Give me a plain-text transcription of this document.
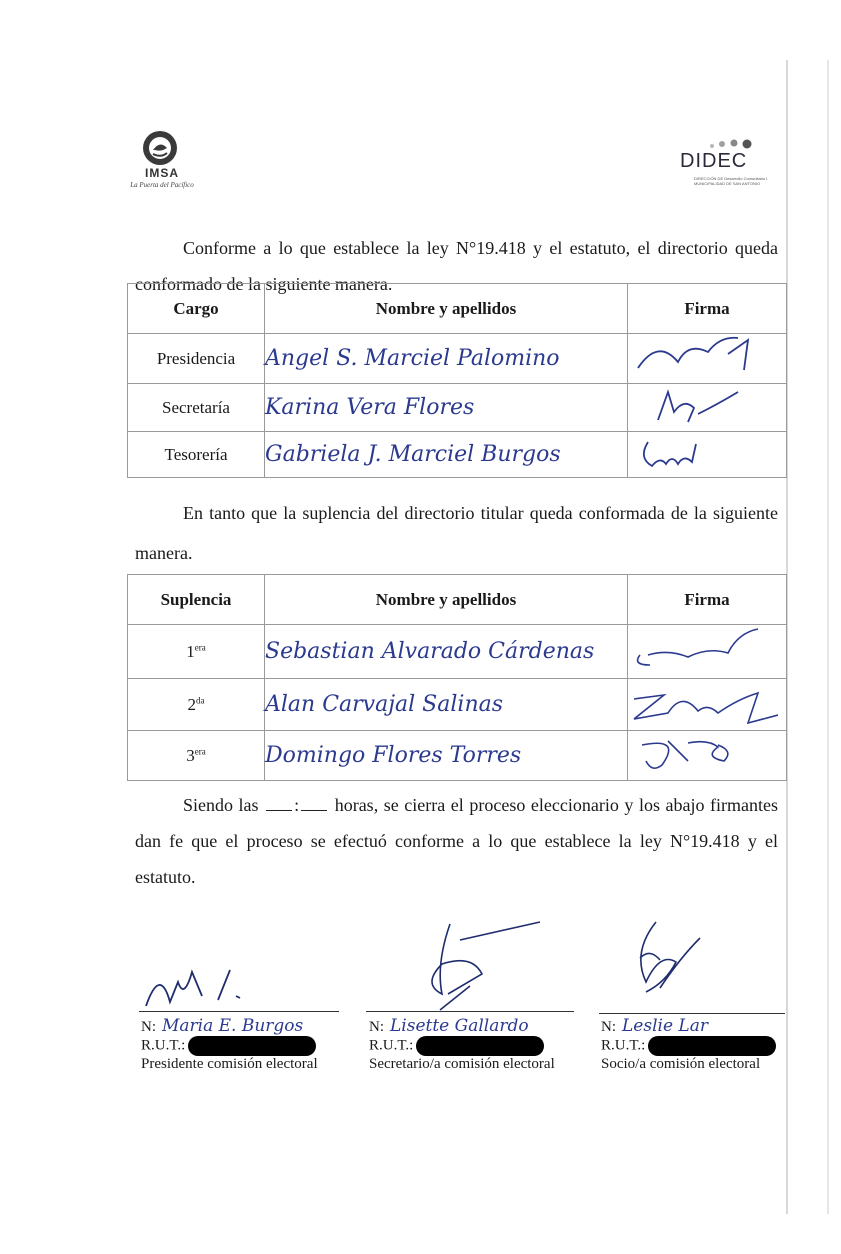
IMSA
La Puerta del Pacífico
DIDEC
DIRECCIÓN DE Desarrollo Comunitario I. MUNICIPALIDAD DE SAN ANTONIO
Conforme a lo que establece la ley N°19.418 y el estatuto, el directorio queda conformado de la siguiente manera.
Cargo	Nombre y apellidos	Firma
Presidencia	Angel S. Marciel Palomino	
Secretaría	Karina Vera Flores	
Tesorería	Gabriela J. Marciel Burgos	
En tanto que la suplencia del directorio titular queda conformada de la siguiente manera.
Suplencia	Nombre y apellidos	Firma
$1^{era}$	Sebastian Alvarado Cárdenas	
$2^{da}$	Alan Carvajal Salinas	
$3^{era}$	Domingo Flores Torres	
Siendo las : horas, se cierra el proceso eleccionario y los abajo firmantes dan fe que el proceso se efectuó conforme a lo que establece la ley N°19.418 y el estatuto.
N: Maria E. Burgos
R.U.T.:
Presidente comisión electoral
N: Lisette Gallardo
R.U.T.:
Secretario/a comisión electoral
N: Leslie Lar
R.U.T.:
Socio/a comisión electoral
